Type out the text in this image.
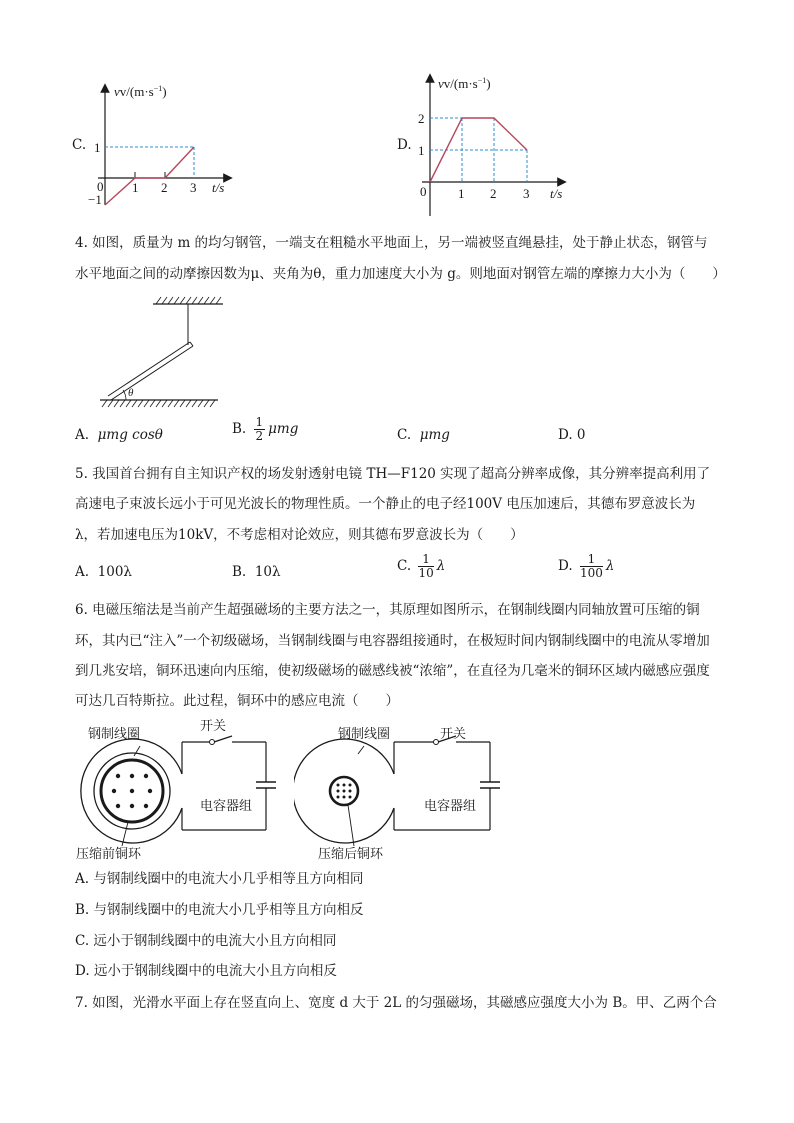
C.
$vv/(m\cdot s^{-1})$
1
−1
0 1 2 3 t/s
D.
$vv/(m\cdot s^{-1})$
2
1
0 1 2 3 t/s
4. 如图，质量为 m 的均匀钢管，一端支在粗糙水平地面上，另一端被竖直绳悬挂，处于静止状态，钢管与
水平地面之间的动摩擦因数为μ、夹角为θ，重力加速度大小为 g。则地面对钢管左端的摩擦力大小为（　　）
θ
A. μmg cosθ	B. $\frac{1}{2}$ μmg	C. μmg	D. 0
5. 我国首台拥有自主知识产权的场发射透射电镜 TH—F120 实现了超高分辨率成像，其分辨率提高利用了
高速电子束波长远小于可见光波长的物理性质。一个静止的电子经100V 电压加速后，其德布罗意波长为
λ，若加速电压为10kV，不考虑相对论效应，则其德布罗意波长为（　　）
A. 100λ	B. 10λ	C. $\frac{1}{10}$ λ	D. $\frac{1}{100}$ λ
6. 电磁压缩法是当前产生超强磁场的主要方法之一，其原理如图所示，在钢制线圈内同轴放置可压缩的铜
环，其内已“注入”一个初级磁场，当钢制线圈与电容器组接通时，在极短时间内钢制线圈中的电流从零增加
到几兆安培，铜环迅速向内压缩，使初级磁场的磁感线被“浓缩”，在直径为几毫米的铜环区域内磁感应强度
可达几百特斯拉。此过程，铜环中的感应电流（　　）
钢制线圈
开关
电容器组
压缩前铜环
钢制线圈	开关
电容器组
压缩后铜环
A. 与钢制线圈中的电流大小几乎相等且方向相同
B. 与钢制线圈中的电流大小几乎相等且方向相反
C. 远小于钢制线圈中的电流大小且方向相同
D. 远小于钢制线圈中的电流大小且方向相反
7. 如图，光滑水平面上存在竖直向上、宽度 d 大于 2L 的匀强磁场，其磁感应强度大小为 B。甲、乙两个合
